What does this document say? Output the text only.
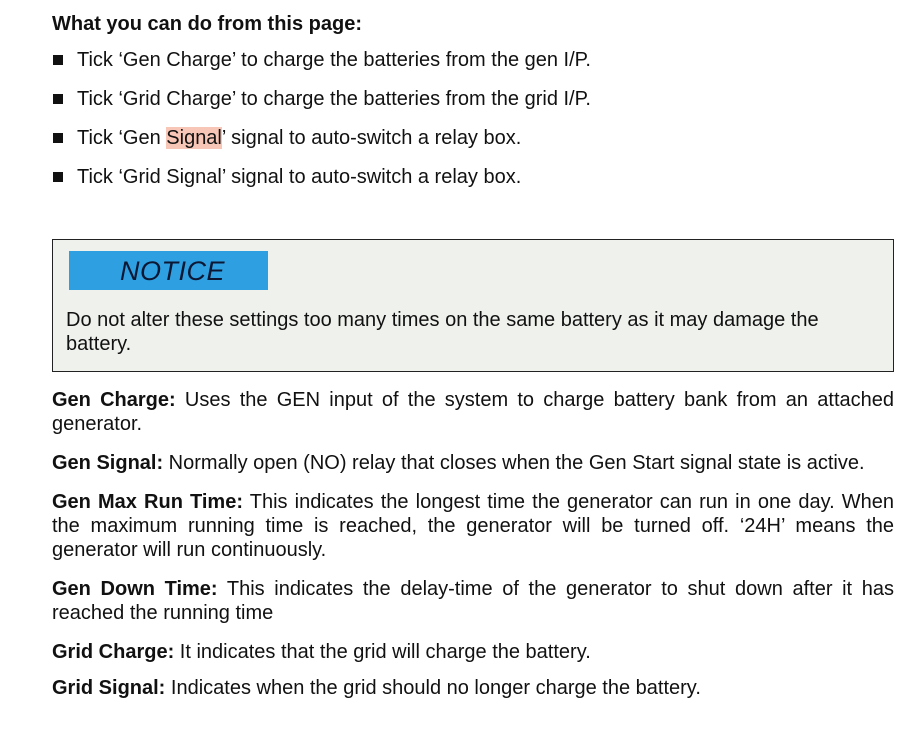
What you can do from this page:
Tick ‘Gen Charge’ to charge the batteries from the gen I/P.
Tick ‘Grid Charge’ to charge the batteries from the grid I/P.
Tick ‘Gen Signal’ signal to auto-switch a relay box.
Tick ‘Grid Signal’ signal to auto-switch a relay box.
NOTICE
Do not alter these settings too many times on the same battery as it may damage the battery.

Gen Charge: Uses the GEN input of the system to charge battery bank from an attached generator.

Gen Signal: Normally open (NO) relay that closes when the Gen Start signal state is active.

Gen Max Run Time: This indicates the longest time the generator can run in one day. When the maximum running time is reached, the generator will be turned off. ‘24H’ means the generator will run continuously.

Gen Down Time: This indicates the delay-time of the generator to shut down after it has reached the running time

Grid Charge: It indicates that the grid will charge the battery.

Grid Signal: Indicates when the grid should no longer charge the battery.
